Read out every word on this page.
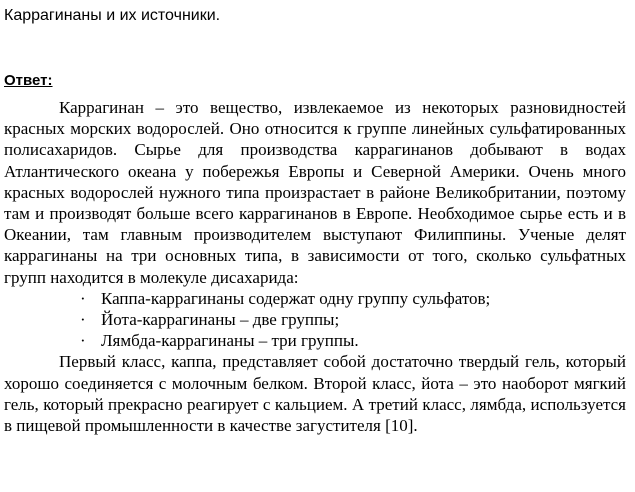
Каррагинаны и их источники.
Ответ:

Каррагинан – это вещество, извлекаемое из некоторых разновидностей красных морских водорослей. Оно относится к группе линейных сульфатированных полисахаридов. Сырье для производства каррагинанов добывают в водах Атлантического океана у побережья Европы и Северной Америки. Очень много красных водорослей нужного типа произрастает в районе Великобритании, поэтому там и производят больше всего каррагинанов в Европе. Необходимое сырье есть и в Океании, там главным производителем выступают Филиппины. Ученые делят каррагинаны на три основных типа, в зависимости от того, сколько сульфатных групп находится в молекуле дисахарида:

· Каппа-каррагинаны содержат одну группу сульфатов;
· Йота-каррагинаны – две группы;
· Лямбда-каррагинаны – три группы.

Первый класс, каппа, представляет собой достаточно твердый гель, который хорошо соединяется с молочным белком. Второй класс, йота – это наоборот мягкий гель, который прекрасно реагирует с кальцием. А третий класс, лямбда, используется в пищевой промышленности в качестве загустителя [10].
